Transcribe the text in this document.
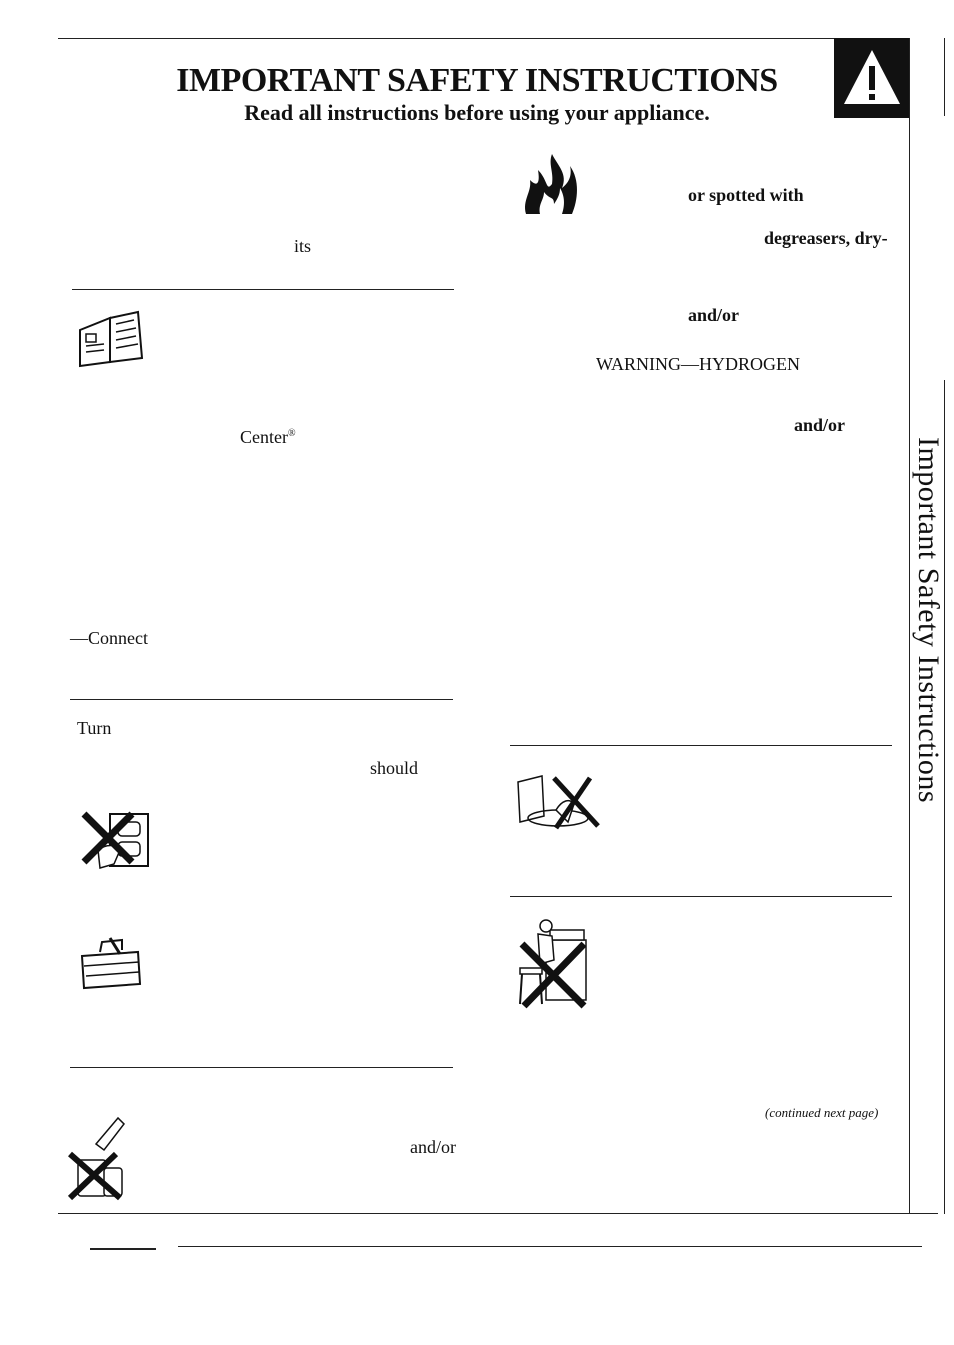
IMPORTANT SAFETY INSTRUCTIONS
Read all instructions before using your appliance.
Important Safety Instructions
its
Center®
—Connect
Turn
should
and/or
or spotted with
degreasers, dry-
and/or
WARNING—HYDROGEN
and/or
(continued next page)
